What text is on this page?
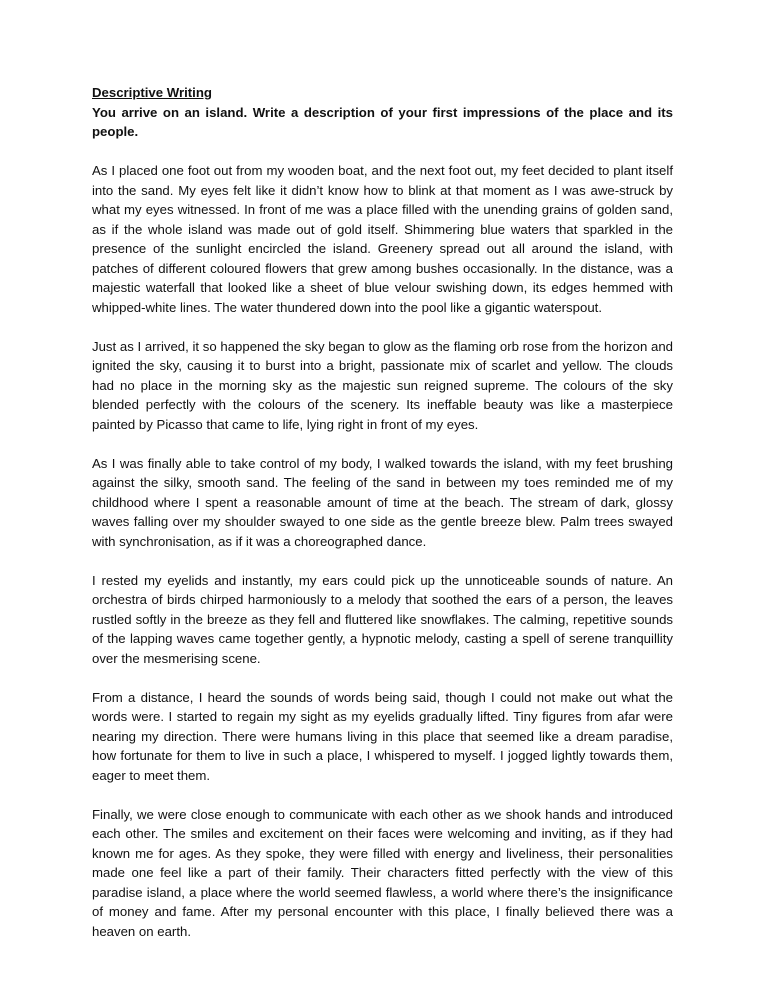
Descriptive Writing

You arrive on an island. Write a description of your first impressions of the place and its people.

As I placed one foot out from my wooden boat, and the next foot out, my feet decided to plant itself into the sand. My eyes felt like it didn’t know how to blink at that moment as I was awe-struck by what my eyes witnessed. In front of me was a place filled with the unending grains of golden sand, as if the whole island was made out of gold itself. Shimmering blue waters that sparkled in the presence of the sunlight encircled the island. Greenery spread out all around the island, with patches of different coloured flowers that grew among bushes occasionally. In the distance, was a majestic waterfall that looked like a sheet of blue velour swishing down, its edges hemmed with whipped-white lines. The water thundered down into the pool like a gigantic waterspout.

Just as I arrived, it so happened the sky began to glow as the flaming orb rose from the horizon and ignited the sky, causing it to burst into a bright, passionate mix of scarlet and yellow. The clouds had no place in the morning sky as the majestic sun reigned supreme. The colours of the sky blended perfectly with the colours of the scenery. Its ineffable beauty was like a masterpiece painted by Picasso that came to life, lying right in front of my eyes.

As I was finally able to take control of my body, I walked towards the island, with my feet brushing against the silky, smooth sand. The feeling of the sand in between my toes reminded me of my childhood where I spent a reasonable amount of time at the beach. The stream of dark, glossy waves falling over my shoulder swayed to one side as the gentle breeze blew. Palm trees swayed with synchronisation, as if it was a choreographed dance.

I rested my eyelids and instantly, my ears could pick up the unnoticeable sounds of nature. An orchestra of birds chirped harmoniously to a melody that soothed the ears of a person, the leaves rustled softly in the breeze as they fell and fluttered like snowflakes. The calming, repetitive sounds of the lapping waves came together gently, a hypnotic melody, casting a spell of serene tranquillity over the mesmerising scene.

From a distance, I heard the sounds of words being said, though I could not make out what the words were. I started to regain my sight as my eyelids gradually lifted. Tiny figures from afar were nearing my direction. There were humans living in this place that seemed like a dream paradise, how fortunate for them to live in such a place, I whispered to myself. I jogged lightly towards them, eager to meet them.

Finally, we were close enough to communicate with each other as we shook hands and introduced each other. The smiles and excitement on their faces were welcoming and inviting, as if they had known me for ages. As they spoke, they were filled with energy and liveliness, their personalities made one feel like a part of their family. Their characters fitted perfectly with the view of this paradise island, a place where the world seemed flawless, a world where there’s the insignificance of money and fame. After my personal encounter with this place, I finally believed there was a heaven on earth.
